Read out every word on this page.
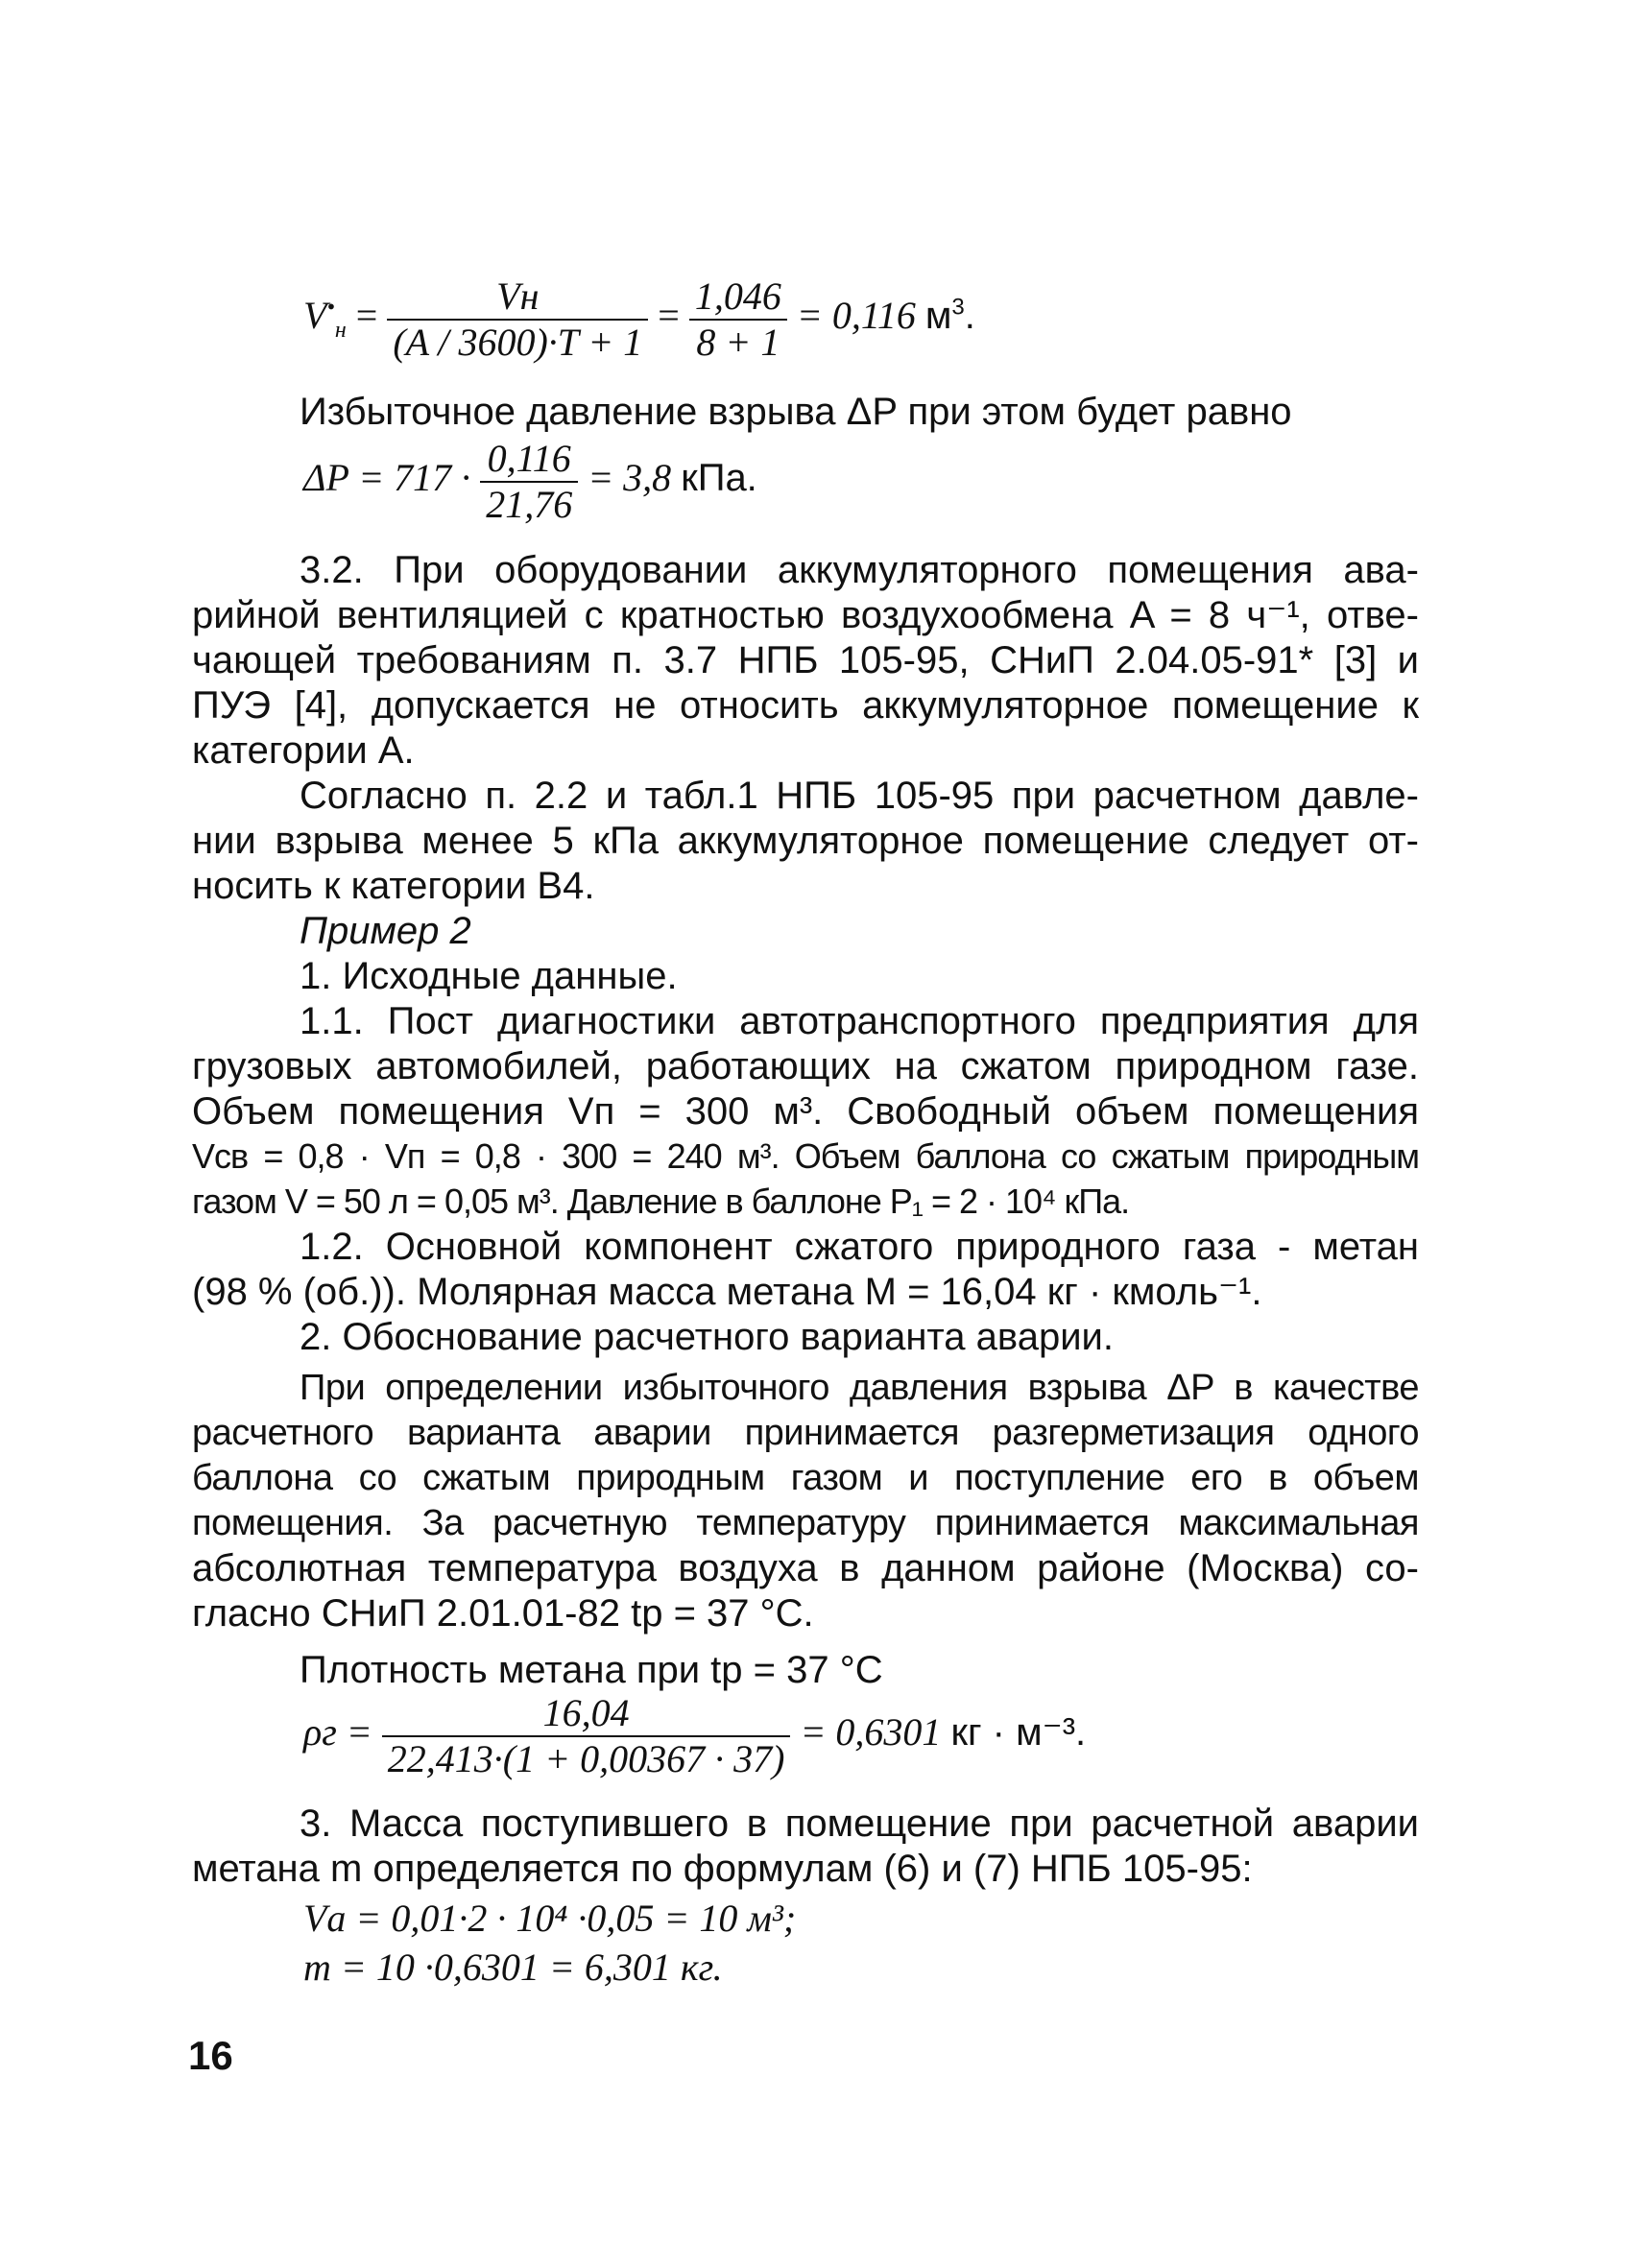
$V^•_н = \frac{Vн}{(A / 3600)\cdot T + 1} = \frac{1,046}{8 + 1} = 0,116$ $м^3$.
Избыточное давление взрыва ΔP при этом будет равно
$\Delta P = 717 \cdot \frac{0,116}{21,76} = 3,8$ кПа.
3.2. При оборудовании аккумуляторного помещения ава-
рийной вентиляцией с кратностью воздухообмена A = 8 ч⁻¹, отве-
чающей требованиям п. 3.7 НПБ 105-95, СНиП 2.04.05-91* [3] и
ПУЭ [4], допускается не относить аккумуляторное помещение к
категории А.
Согласно п. 2.2 и табл.1 НПБ 105-95 при расчетном давле-
нии взрыва менее 5 кПа аккумуляторное помещение следует от-
носить к категории В4.
Пример 2
1. Исходные данные.
1.1. Пост диагностики автотранспортного предприятия для
грузовых автомобилей, работающих на сжатом природном газе.
Объем помещения Vп = 300 м³. Свободный объем помещения
Vсв = 0,8 · Vп = 0,8 · 300 = 240 м³. Объем баллона со сжатым природным
газом V = 50 л = 0,05 м³. Давление в баллоне P₁ = 2 · 10⁴ кПа.
1.2. Основной компонент сжатого природного газа - метан
(98 % (об.)). Молярная масса метана M = 16,04 кг · кмоль⁻¹.
2. Обоснование расчетного варианта аварии.
При определении избыточного давления взрыва ΔP в качестве
расчетного варианта аварии принимается разгерметизация одного
баллона со сжатым природным газом и поступление его в объем
помещения. За расчетную температуру принимается максимальная
абсолютная температура воздуха в данном районе (Москва) со-
гласно СНиП 2.01.01-82 tр = 37 °С.
Плотность метана при tр = 37 °С
$\rho г = \frac{16,04}{22,413\cdot(1 + 0,00367 \cdot 37)} = 0,6301$ кг · м⁻³.
3. Масса поступившего в помещение при расчетной аварии
метана m определяется по формулам (6) и (7) НПБ 105-95:
Vа = 0,01·2 · 10⁴ ·0,05 = 10 м³;
m = 10 ·0,6301 = 6,301 кг.
16
